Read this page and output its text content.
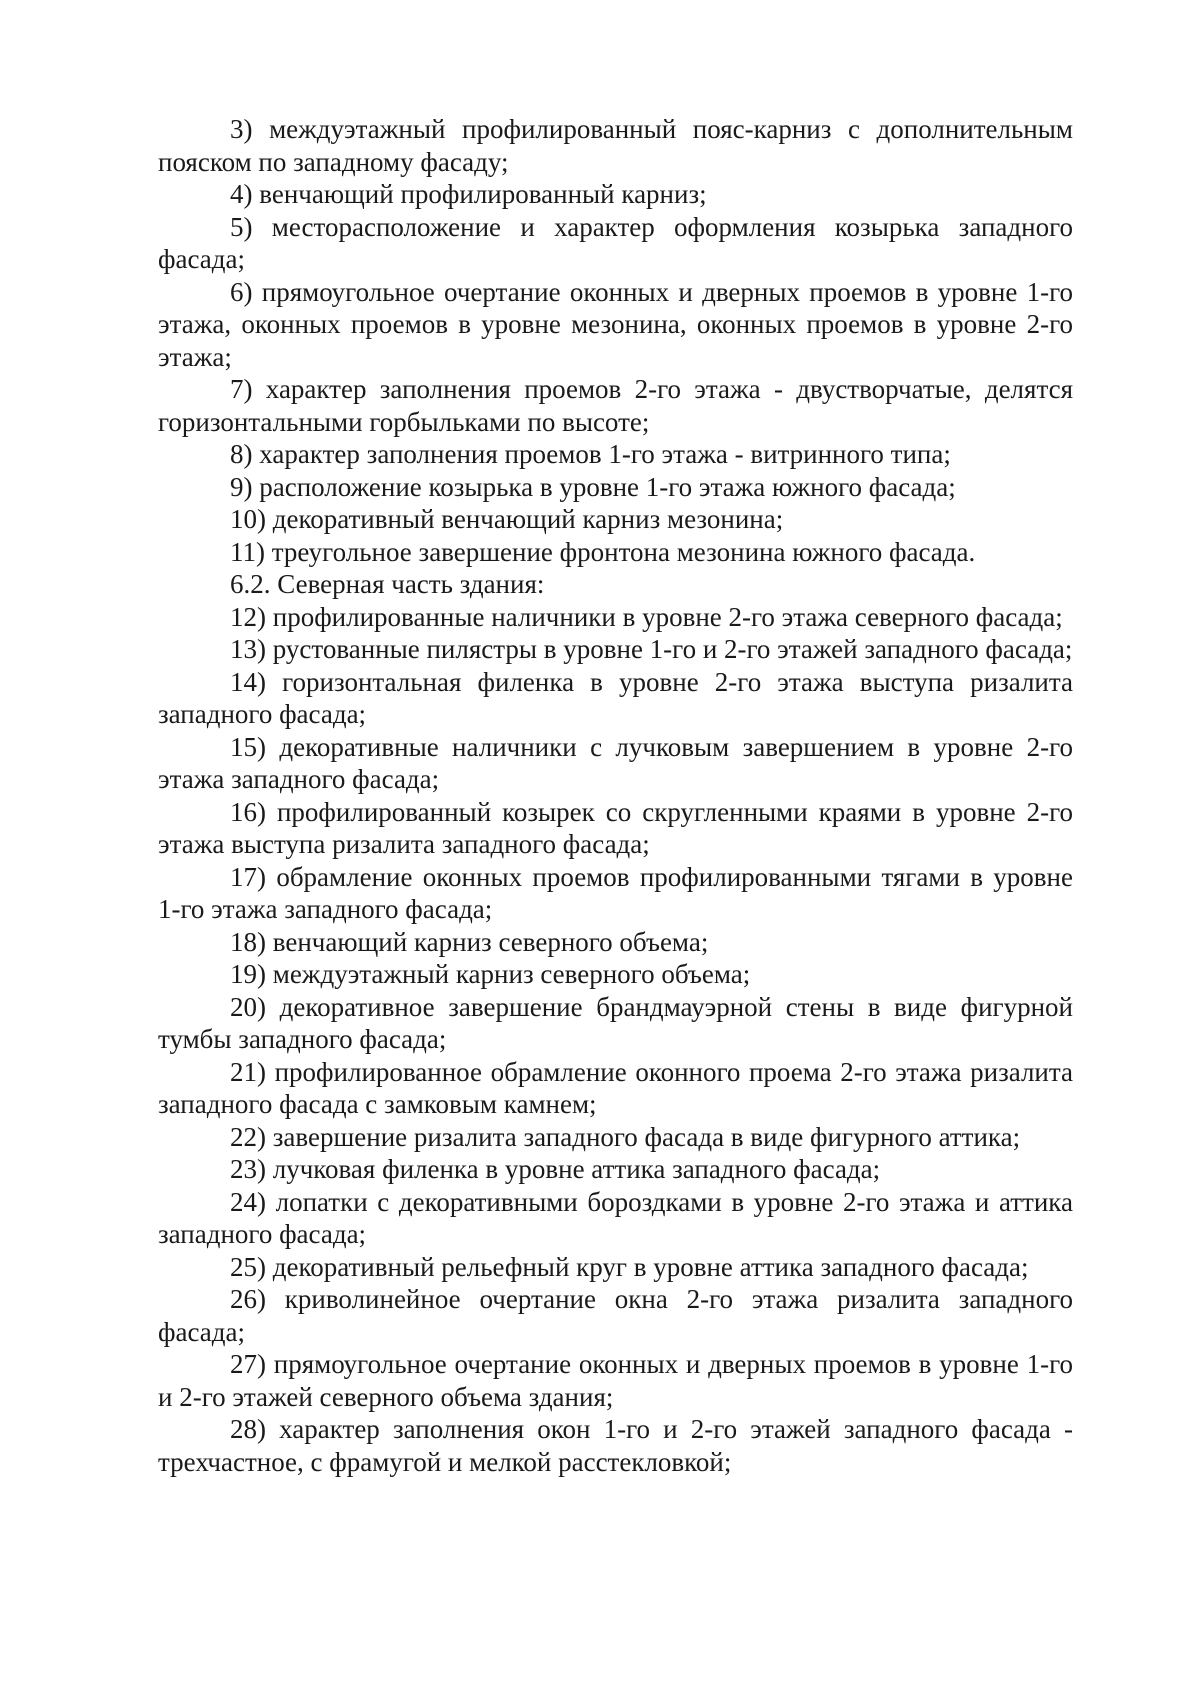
3) междуэтажный профилированный пояс-карниз с дополнительным пояском по западному фасаду;

4) венчающий профилированный карниз;

5) месторасположение и характер оформления козырька западного фасада;

6) прямоугольное очертание оконных и дверных проемов в уровне 1-го этажа, оконных проемов в уровне мезонина, оконных проемов в уровне 2-го этажа;

7) характер заполнения проемов 2-го этажа - двустворчатые, делятся горизонтальными горбыльками по высоте;

8) характер заполнения проемов 1-го этажа - витринного типа;

9) расположение козырька в уровне 1-го этажа южного фасада;

10) декоративный венчающий карниз мезонина;

11) треугольное завершение фронтона мезонина южного фасада.

6.2. Северная часть здания:

12) профилированные наличники в уровне 2-го этажа северного фасада;

13) рустованные пилястры в уровне 1-го и 2-го этажей западного фасада;

14) горизонтальная филенка в уровне 2-го этажа выступа ризалита западного фасада;

15) декоративные наличники с лучковым завершением в уровне 2-го этажа западного фасада;

16) профилированный козырек со скругленными краями в уровне 2-го этажа выступа ризалита западного фасада;

17) обрамление оконных проемов профилированными тягами в уровне 1-го этажа западного фасада;

18) венчающий карниз северного объема;

19) междуэтажный карниз северного объема;

20) декоративное завершение брандмауэрной стены в виде фигурной тумбы западного фасада;

21) профилированное обрамление оконного проема 2-го этажа ризалита западного фасада с замковым камнем;

22) завершение ризалита западного фасада в виде фигурного аттика;

23) лучковая филенка в уровне аттика западного фасада;

24) лопатки с декоративными бороздками в уровне 2-го этажа и аттика западного фасада;

25) декоративный рельефный круг в уровне аттика западного фасада;

26) криволинейное очертание окна 2-го этажа ризалита западного фасада;

27) прямоугольное очертание оконных и дверных проемов в уровне 1-го и 2-го этажей северного объема здания;

28) характер заполнения окон 1-го и 2-го этажей западного фасада - трехчастное, с фрамугой и мелкой расстекловкой;
